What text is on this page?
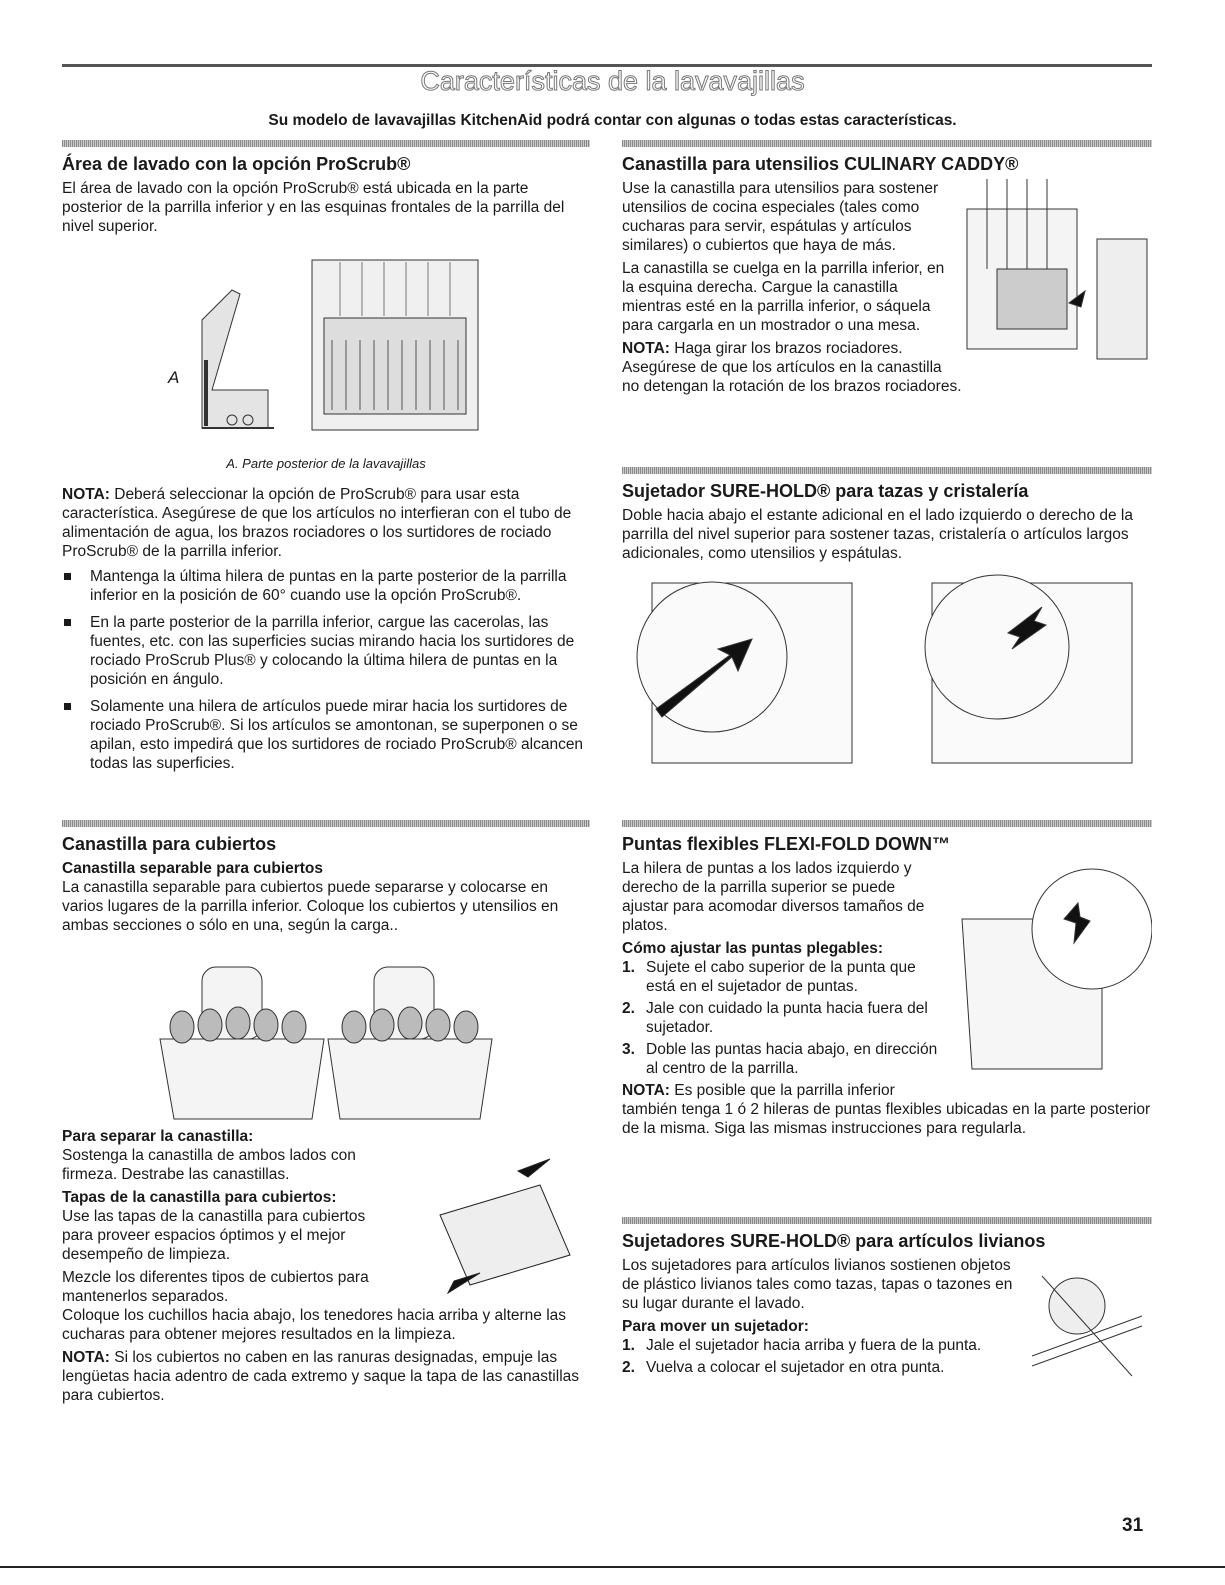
Características de la lavavajillas
Su modelo de lavavajillas KitchenAid podrá contar con algunas o todas estas características.
Área de lavado con la opción ProScrub®

El área de lavado con la opción ProScrub® está ubicada en la parte posterior de la parrilla inferior y en las esquinas frontales de la parrilla del nivel superior.

A
A. Parte posterior de la lavavajillas

NOTA: Deberá seleccionar la opción de ProScrub® para usar esta característica. Asegúrese de que los artículos no interfieran con el tubo de alimentación de agua, los brazos rociadores o los surtidores de rociado ProScrub® de la parrilla inferior.

Mantenga la última hilera de puntas en la parte posterior de la parrilla inferior en la posición de 60° cuando use la opción ProScrub®.
En la parte posterior de la parrilla inferior, cargue las cacerolas, las fuentes, etc. con las superficies sucias mirando hacia los surtidores de rociado ProScrub Plus® y colocando la última hilera de puntas en la posición en ángulo.
Solamente una hilera de artículos puede mirar hacia los surtidores de rociado ProScrub®. Si los artículos se amontonan, se superponen o se apilan, esto impedirá que los surtidores de rociado ProScrub® alcancen todas las superficies.
Canastilla para cubiertos
Canastilla separable para cubiertos

La canastilla separable para cubiertos puede separarse y colocarse en varios lugares de la parrilla inferior. Coloque los cubiertos y utensilios en ambas secciones o sólo en una, según la carga..

Para separar la canastilla:

Sostenga la canastilla de ambos lados con firmeza. Destrabe las canastillas.

Tapas de la canastilla para cubiertos:

Use las tapas de la canastilla para cubiertos para proveer espacios óptimos y el mejor desempeño de limpieza.

Mezcle los diferentes tipos de cubiertos para mantenerlos separados.

Coloque los cuchillos hacia abajo, los tenedores hacia arriba y alterne las cucharas para obtener mejores resultados en la limpieza.

NOTA: Si los cubiertos no caben en las ranuras designadas, empuje las lengüetas hacia adentro de cada extremo y saque la tapa de las canastillas para cubiertos.

Canastilla para utensilios CULINARY CADDY®

Use la canastilla para utensilios para sostener utensilios de cocina especiales (tales como cucharas para servir, espátulas y artículos similares) o cubiertos que haya de más.

La canastilla se cuelga en la parrilla inferior, en la esquina derecha. Cargue la canastilla mientras esté en la parrilla inferior, o sáquela para cargarla en un mostrador o una mesa.

NOTA: Haga girar los brazos rociadores. Asegúrese de que los artículos en la canastilla no detengan la rotación de los brazos rociadores.

Sujetador SURE-HOLD® para tazas y cristalería

Doble hacia abajo el estante adicional en el lado izquierdo o derecho de la parrilla del nivel superior para sostener tazas, cristalería o artículos largos adicionales, como utensilios y espátulas.

Puntas flexibles FLEXI-FOLD DOWN™

La hilera de puntas a los lados izquierdo y derecho de la parrilla superior se puede ajustar para acomodar diversos tamaños de platos.

Cómo ajustar las puntas plegables:
1. Sujete el cabo superior de la punta que está en el sujetador de puntas.
2. Jale con cuidado la punta hacia fuera del sujetador.
3. Doble las puntas hacia abajo, en dirección al centro de la parrilla.

NOTA: Es posible que la parrilla inferior también tenga 1 ó 2 hileras de puntas flexibles ubicadas en la parte posterior de la misma. Siga las mismas instrucciones para regularla.

Sujetadores SURE-HOLD® para artículos livianos

Los sujetadores para artículos livianos sostienen objetos de plástico livianos tales como tazas, tapas o tazones en su lugar durante el lavado.

Para mover un sujetador:
1. Jale el sujetador hacia arriba y fuera de la punta.
2. Vuelva a colocar el sujetador en otra punta.
31
